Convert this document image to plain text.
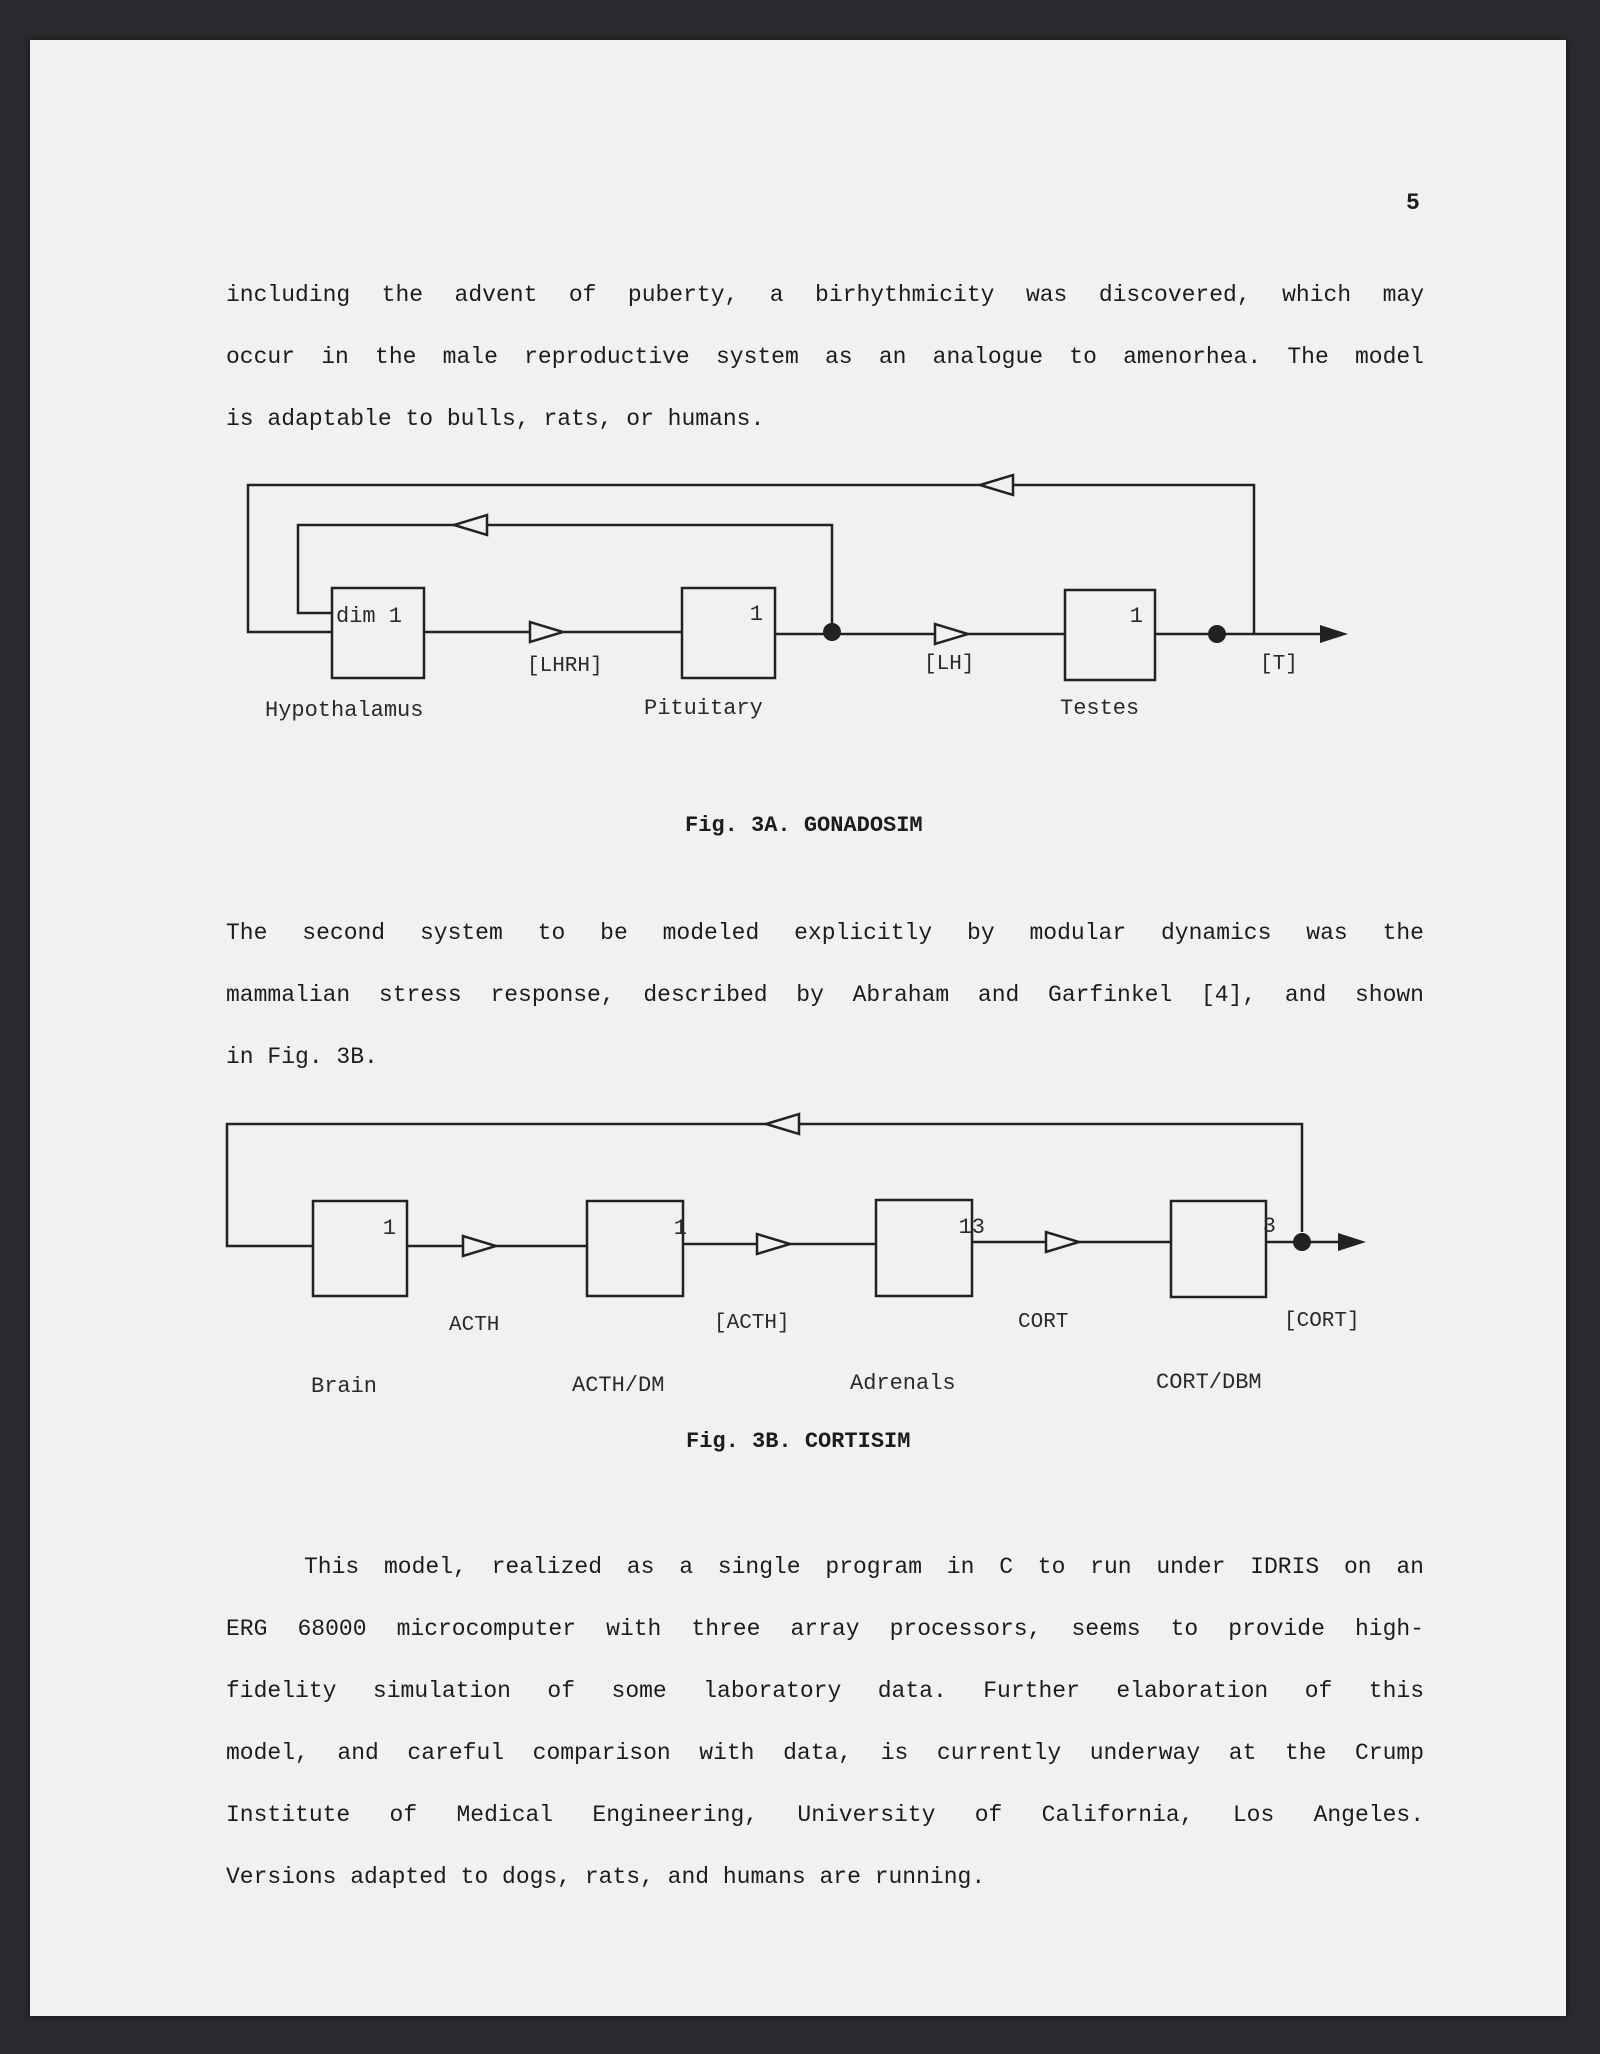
5
including the advent of puberty, a birhythmicity was discovered, which may
occur in the male reproductive system as an analogue to amenorhea. The model
is adaptable to bulls, rats, or humans.
dim 1	1	1
[LHRH]	[LH]	[T]
Hypothalamus	Pituitary	Testes
Fig. 3A. GONADOSIM
The second system to be modeled explicitly by modular dynamics was the
mammalian stress response, described by Abraham and Garfinkel [4], and shown
in Fig. 3B.
1	1	13	3
ACTH	[ACTH]	CORT	[CORT]
Brain	ACTH/DM	Adrenals	CORT/DBM
Fig. 3B. CORTISIM
This model, realized as a single program in C to run under IDRIS on an
ERG 68000 microcomputer with three array processors, seems to provide high-
fidelity simulation of some laboratory data. Further elaboration of this
model, and careful comparison with data, is currently underway at the Crump
Institute of Medical Engineering, University of California, Los Angeles.
Versions adapted to dogs, rats, and humans are running.
